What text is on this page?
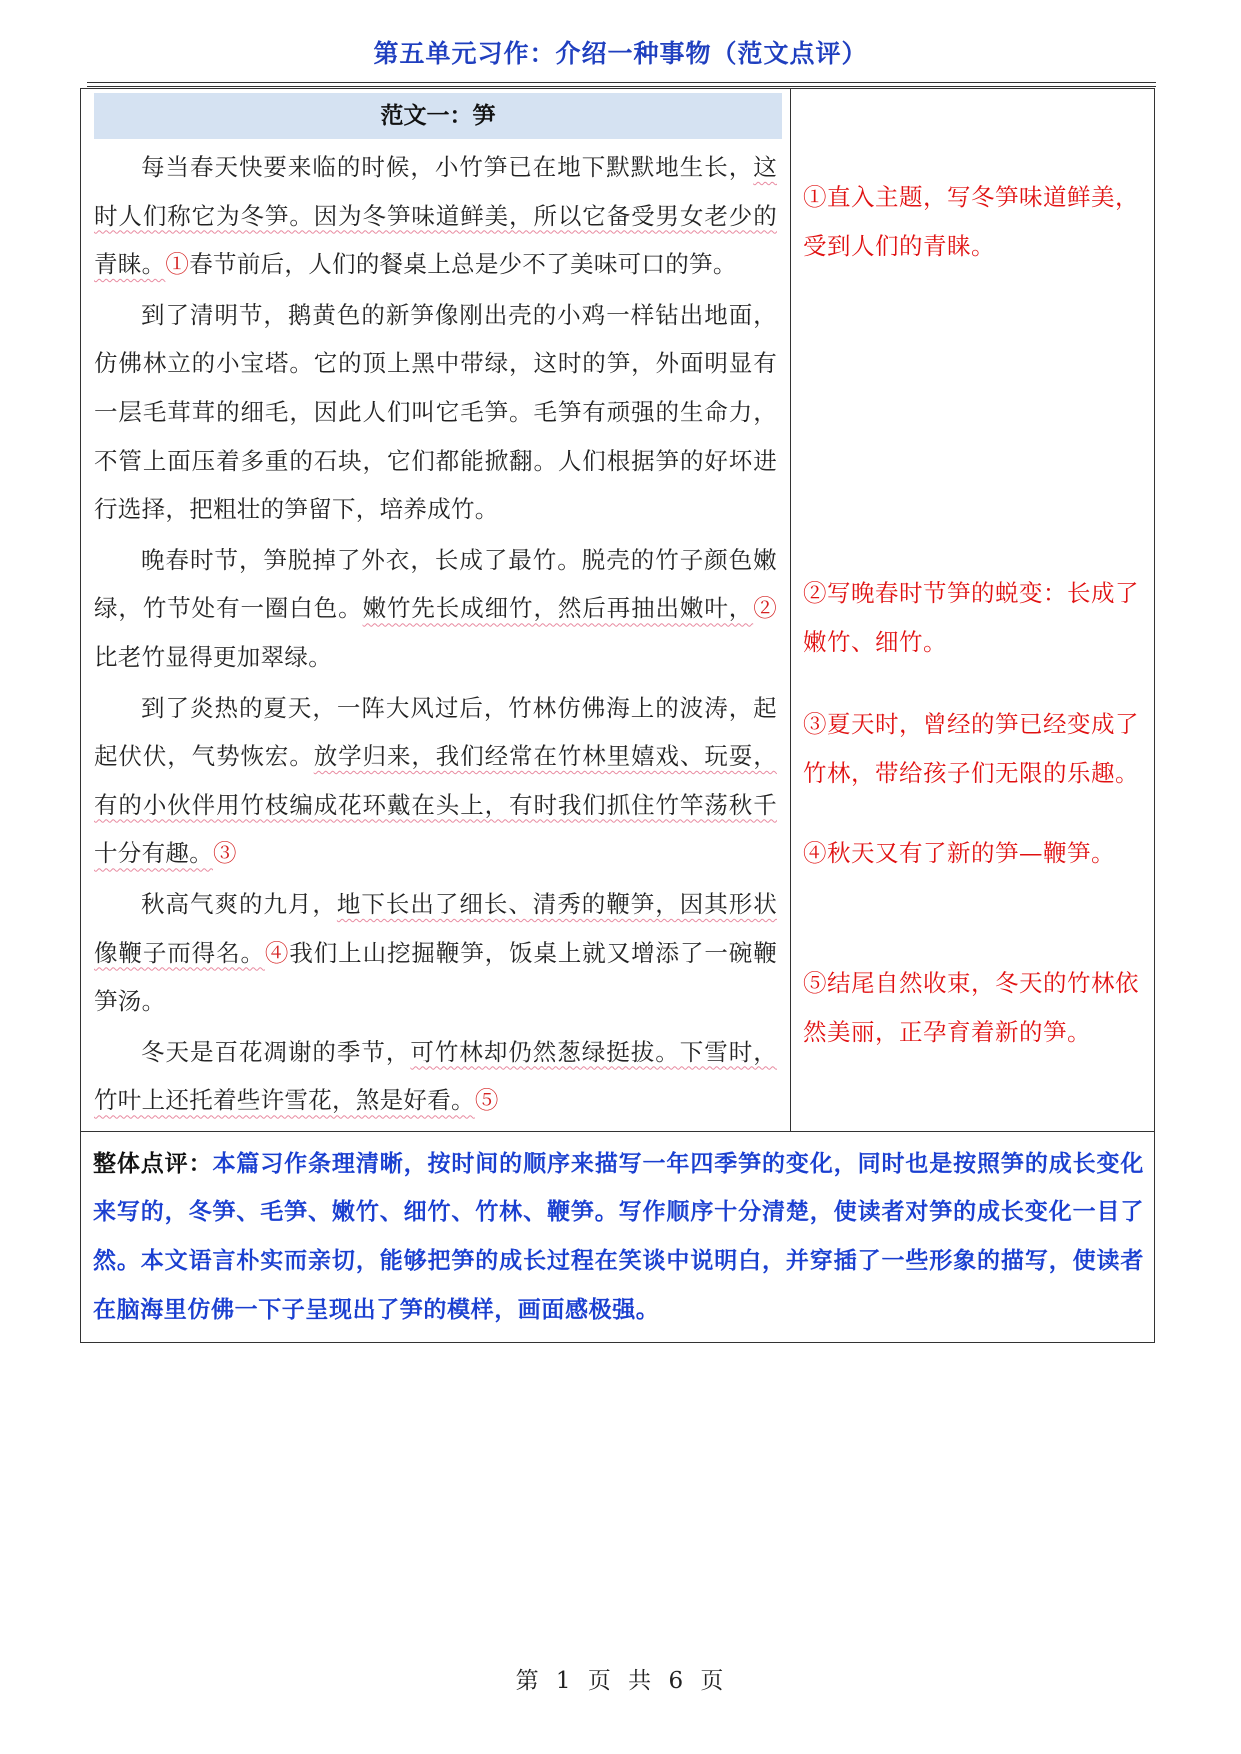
第五单元习作：介绍一种事物（范文点评）
范文一：笋

每当春天快要来临的时候，小竹笋已在地下默默地生长，这时人们称它为冬笋。因为冬笋味道鲜美，所以它备受男女老少的青睐。①春节前后，人们的餐桌上总是少不了美味可口的笋。

到了清明节，鹅黄色的新笋像刚出壳的小鸡一样钻出地面，仿佛林立的小宝塔。它的顶上黑中带绿，这时的笋，外面明显有一层毛茸茸的细毛，因此人们叫它毛笋。毛笋有顽强的生命力，不管上面压着多重的石块，它们都能掀翻。人们根据笋的好坏进行选择，把粗壮的笋留下，培养成竹。

晚春时节，笋脱掉了外衣，长成了最竹。脱壳的竹子颜色嫩绿，竹节处有一圈白色。嫩竹先长成细竹，然后再抽出嫩叶，②比老竹显得更加翠绿。

到了炎热的夏天，一阵大风过后，竹林仿佛海上的波涛，起起伏伏，气势恢宏。放学归来，我们经常在竹林里嬉戏、玩耍，有的小伙伴用竹枝编成花环戴在头上，有时我们抓住竹竿荡秋千十分有趣。③

秋高气爽的九月，地下长出了细长、清秀的鞭笋，因其形状像鞭子而得名。④我们上山挖掘鞭笋，饭桌上就又增添了一碗鞭笋汤。

冬天是百花凋谢的季节，可竹林却仍然葱绿挺拔。下雪时，竹叶上还托着些许雪花，煞是好看。⑤

①直入主题，写冬笋味道鲜美，受到人们的青睐。

②写晚春时节笋的蜕变：长成了嫩竹、细竹。

③夏天时，曾经的笋已经变成了竹林，带给孩子们无限的乐趣。

④秋天又有了新的笋—鞭笋。

⑤结尾自然收束，冬天的竹林依然美丽，正孕育着新的笋。

整体点评：本篇习作条理清晰，按时间的顺序来描写一年四季笋的变化，同时也是按照笋的成长变化来写的，冬笋、毛笋、嫩竹、细竹、竹林、鞭笋。写作顺序十分清楚，使读者对笋的成长变化一目了然。本文语言朴实而亲切，能够把笋的成长过程在笑谈中说明白，并穿插了一些形象的描写，使读者在脑海里仿佛一下子呈现出了笋的模样，画面感极强。
第 1 页 共 6 页
